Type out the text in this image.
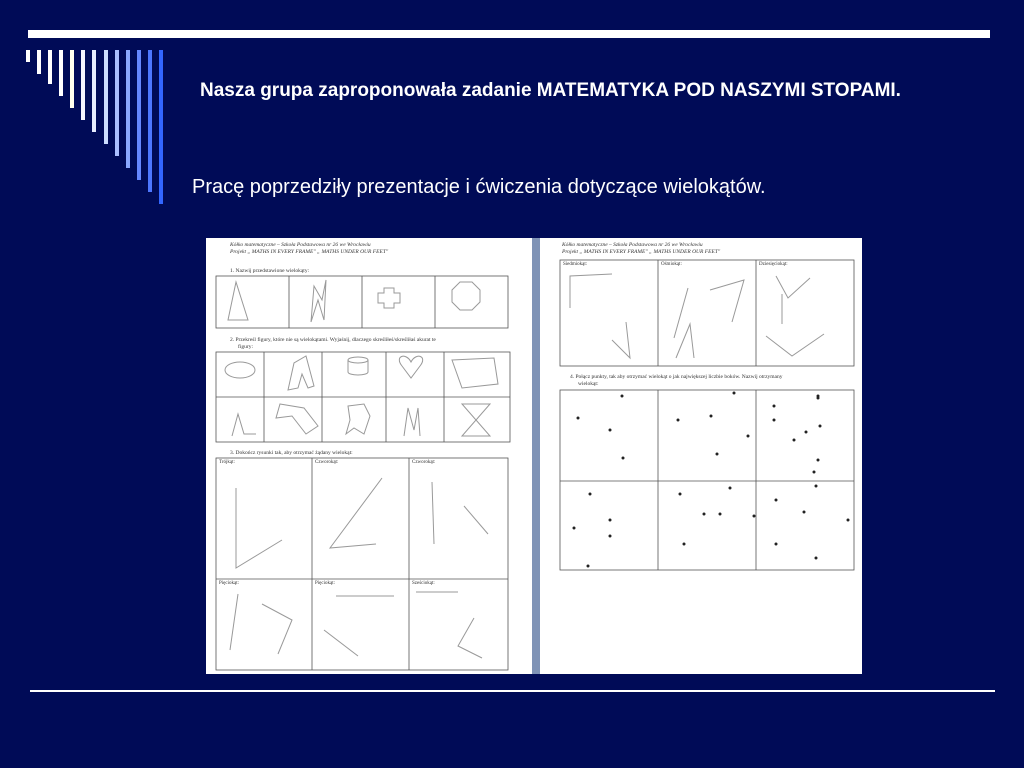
Nasza grupa zaproponowała zadanie MATEMATYKA POD NASZYMI STOPAMI.
Pracę poprzedziły prezentacje i ćwiczenia dotyczące wielokątów.
Kółko matematyczne – Szkoła Podstawowa nr 26 we Wrocławiu
Projekt „ MATHS IN EVERY FRAME" „ MATHS UNDER OUR FEET"
1. Nazwij przedstawione wielokąty:
2. Przekreśl figury, które nie są wielokątami. Wyjaśnij, dlaczego skreśliłeś/skreśliłaś akurat te
figury:
3. Dokończ rysunki tak, aby otrzymać żądany wielokąt:
Trójkąt:	Czworokąt:	Czworokąt:
Pięciokąt:	Pięciokąt:	Sześciokąt:
Kółko matematyczne – Szkoła Podstawowa nr 26 we Wrocławiu
Projekt „ MATHS IN EVERY FRAME" „ MATHS UNDER OUR FEET"
4. Połącz punkty, tak aby otrzymać wielokąt o jak największej liczbie boków. Nazwij otrzymany
wielokąt:
Siedmiokąt:	Ośmiokąt:	Dziesięciokąt:
